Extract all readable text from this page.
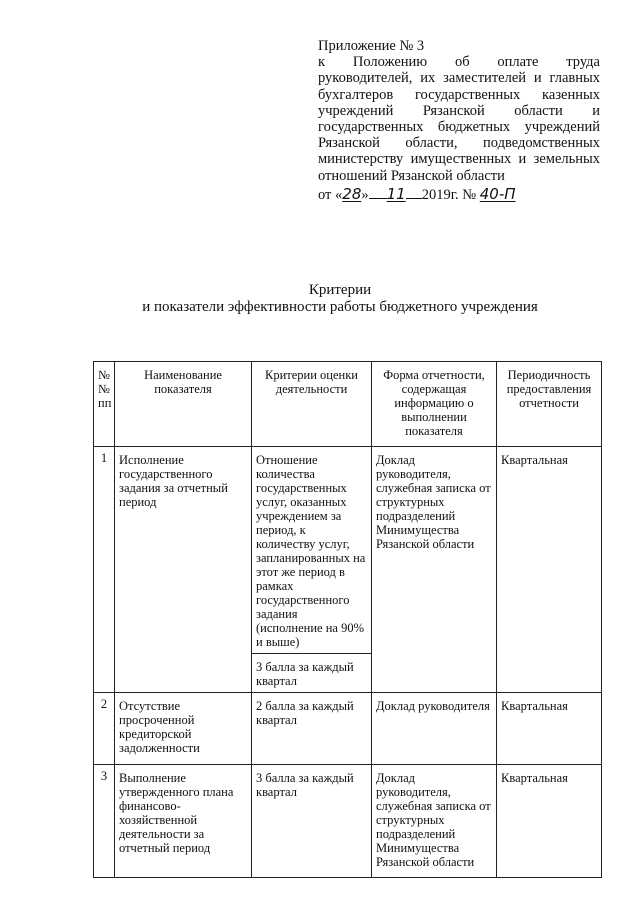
Приложение № 3
к Положению об оплате труда руководителей, их заместителей и главных бухгалтеров государственных казенных учреждений Рязанской области и государственных бюджетных учреждений Рязанской области, подведомственных министерству имущественных и земельных отношений Рязанской области
от «28» 11 2019г. № 40-П
Критерии
и показатели эффективности работы бюджетного учреждения
№ № пп	Наименование показателя	Критерии оценки деятельности	Форма отчетности, содержащая информацию о выполнении показателя	Периодичность предоставления отчетности
1	Исполнение государственного задания за отчетный период	Отношение количества государственных услуг, оказанных учреждением за период, к количеству услуг, запланированных на этот же период в рамках государственного задания (исполнение на 90% и выше)	Доклад руководителя, служебная записка от структурных подразделений Минимущества Рязанской области	Квартальная
		3 балла за каждый квартал		
2	Отсутствие просроченной кредиторской задолженности	2 балла за каждый квартал	Доклад руководителя	Квартальная
3	Выполнение утвержденного плана финансово-хозяйственной деятельности за отчетный период	3 балла за каждый квартал	Доклад руководителя, служебная записка от структурных подразделений Минимущества Рязанской области	Квартальная
